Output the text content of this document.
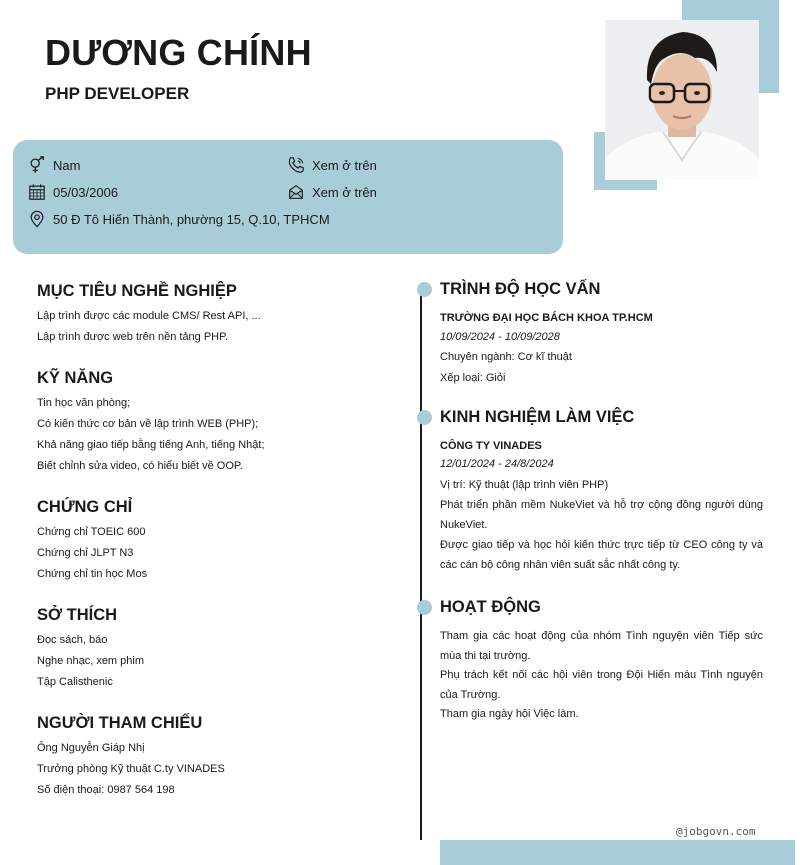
DƯƠNG CHÍNH
PHP DEVELOPER
Nam	Xem ở trên
05/03/2006	Xem ở trên
50 Đ Tô Hiến Thành, phường 15, Q.10, TPHCM
MỤC TIÊU NGHỀ NGHIỆP
Lập trình được các module CMS/ Rest API, ...
Lập trình được web trên nền tảng PHP.
KỸ NĂNG
Tin học văn phòng;
Có kiến thức cơ bản về lập trình WEB (PHP);
Khả năng giao tiếp bằng tiếng Anh, tiếng Nhật;
Biết chỉnh sửa video, có hiểu biết về OOP.
CHỨNG CHỈ
Chứng chỉ TOEIC 600
Chứng chỉ JLPT N3
Chứng chỉ tin học Mos
SỞ THÍCH
Đọc sách, báo
Nghe nhạc, xem phim
Tập Calisthenic
NGƯỜI THAM CHIẾU
Ông Nguyễn Giáp Nhị
Trưởng phòng Kỹ thuật C.ty VINADES
Số điện thoại: 0987 564 198
TRÌNH ĐỘ HỌC VẤN
TRƯỜNG ĐẠI HỌC BÁCH KHOA TP.HCM
10/09/2024 - 10/09/2028
Chuyên ngành: Cơ kĩ thuật
Xếp loại: Giỏi
KINH NGHIỆM LÀM VIỆC
CÔNG TY VINADES
12/01/2024 - 24/8/2024

Vị trí: Kỹ thuật (lập trình viên PHP)

Phát triển phần mềm NukeViet và hỗ trợ cộng đồng người dùng NukeViet.

Được giao tiếp và học hỏi kiến thức trực tiếp từ CEO công ty và các cán bộ công nhân viên suất sắc nhất công ty.

HOẠT ĐỘNG

Tham gia các hoạt động của nhóm Tình nguyện viên Tiếp sức mùa thi tại trường.

Phụ trách kết nối các hội viên trong Đội Hiến máu Tình nguyện của Trường.

Tham gia ngày hội Việc làm.

@jobgovn.com
